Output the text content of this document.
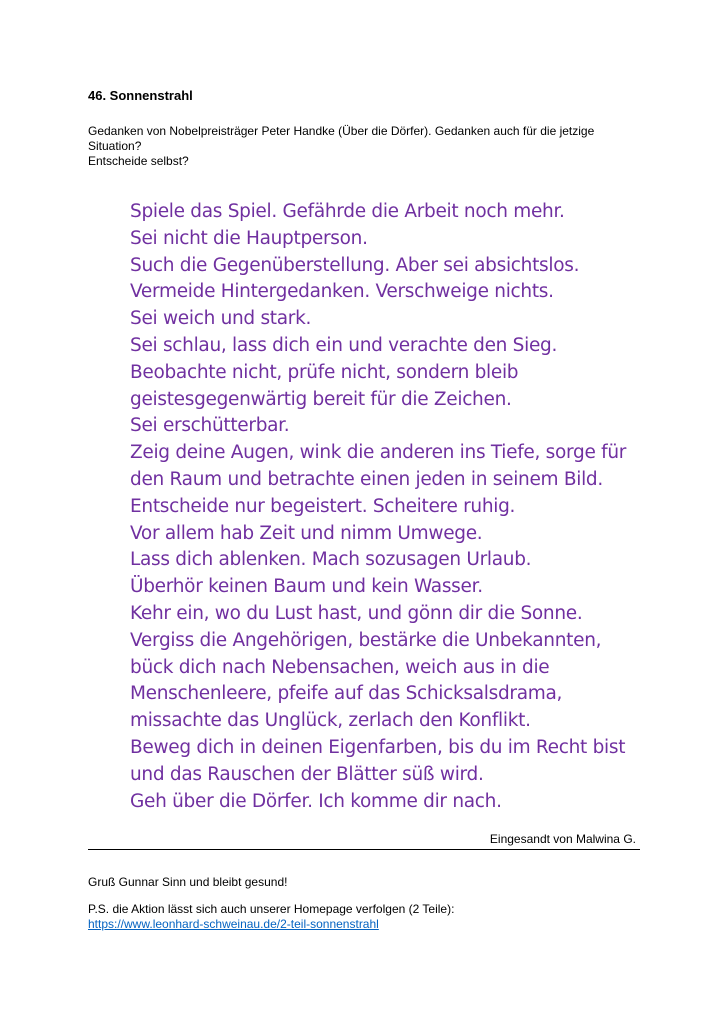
46. Sonnenstrahl

Gedanken von Nobelpreisträger Peter Handke (Über die Dörfer). Gedanken auch für die jetzige Situation?

Entscheide selbst?

Spiele das Spiel. Gefährde die Arbeit noch mehr.
Sei nicht die Hauptperson.
Such die Gegenüberstellung. Aber sei absichtslos.
Vermeide Hintergedanken. Verschweige nichts.
Sei weich und stark.
Sei schlau, lass dich ein und verachte den Sieg.
Beobachte nicht, prüfe nicht, sondern bleib
geistesgegenwärtig bereit für die Zeichen.
Sei erschütterbar.
Zeig deine Augen, wink die anderen ins Tiefe, sorge für
den Raum und betrachte einen jeden in seinem Bild.
Entscheide nur begeistert. Scheitere ruhig.
Vor allem hab Zeit und nimm Umwege.
Lass dich ablenken. Mach sozusagen Urlaub.
Überhör keinen Baum und kein Wasser.
Kehr ein, wo du Lust hast, und gönn dir die Sonne.
Vergiss die Angehörigen, bestärke die Unbekannten,
bück dich nach Nebensachen, weich aus in die
Menschenleere, pfeife auf das Schicksalsdrama,
missachte das Unglück, zerlach den Konflikt.
Beweg dich in deinen Eigenfarben, bis du im Recht bist
und das Rauschen der Blätter süß wird.
Geh über die Dörfer. Ich komme dir nach.

Eingesandt von Malwina G.

Gruß Gunnar Sinn und bleibt gesund!

P.S. die Aktion lässt sich auch unserer Homepage verfolgen (2 Teile):
https://www.leonhard-schweinau.de/2-teil-sonnenstrahl
